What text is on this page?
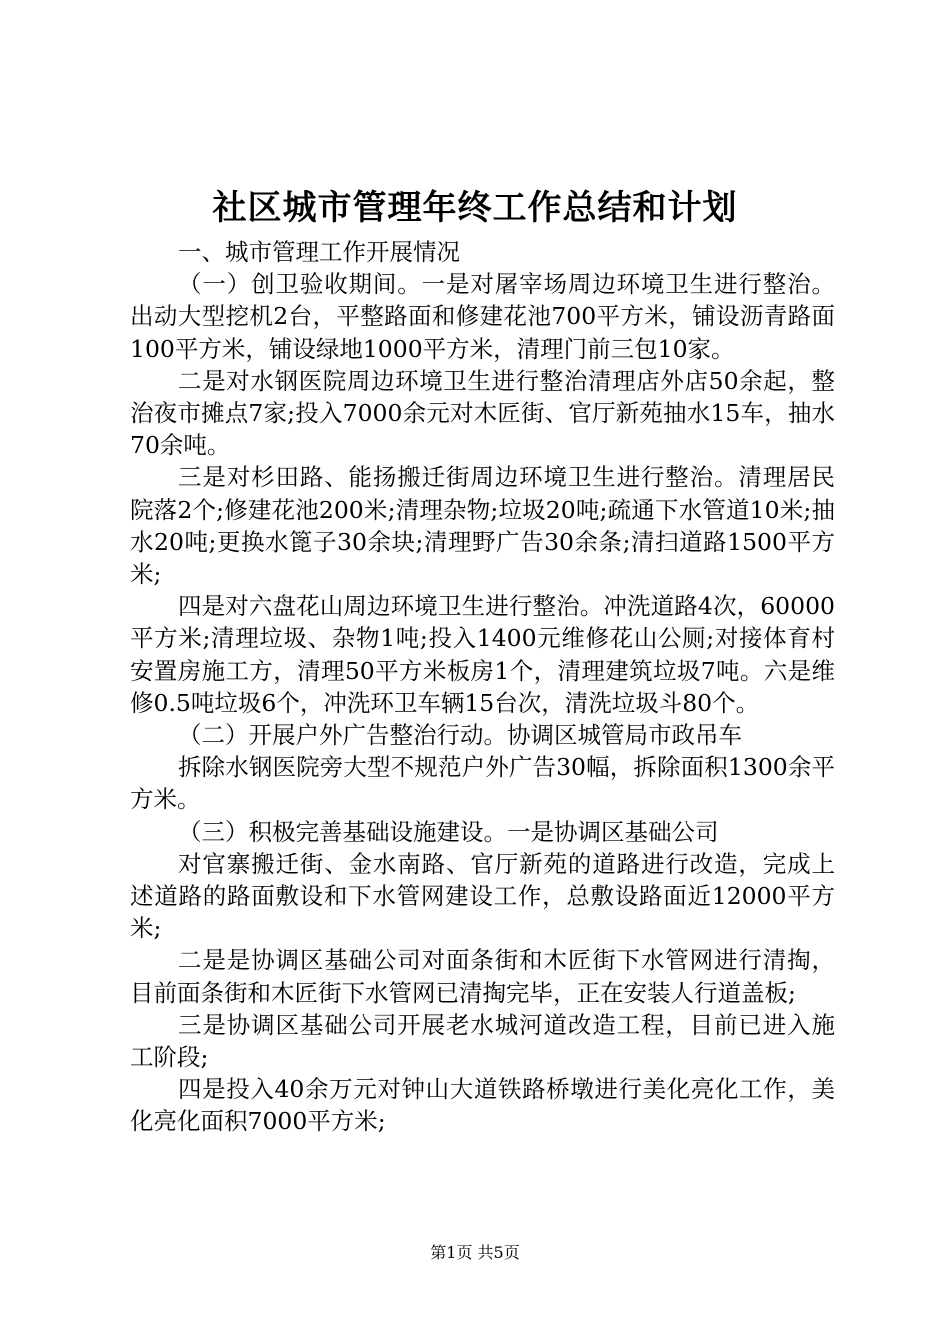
社区城市管理年终工作总结和计划

一、城市管理工作开展情况

（一）创卫验收期间。一是对屠宰场周边环境卫生进行整治。出动大型挖机2台，平整路面和修建花池700平方米，铺设沥青路面100平方米，铺设绿地1000平方米，清理门前三包10家。

二是对水钢医院周边环境卫生进行整治清理店外店50余起，整治夜市摊点7家;投入7000余元对木匠街、官厅新苑抽水15车，抽水70余吨。

三是对杉田路、能扬搬迁街周边环境卫生进行整治。清理居民院落2个;修建花池200米;清理杂物;垃圾20吨;疏通下水管道10米;抽水20吨;更换水篦子30余块;清理野广告30余条;清扫道路1500平方米;

四是对六盘花山周边环境卫生进行整治。冲洗道路4次，60000平方米;清理垃圾、杂物1吨;投入1400元维修花山公厕;对接体育村安置房施工方，清理50平方米板房1个，清理建筑垃圾7吨。六是维修0.5吨垃圾6个，冲洗环卫车辆15台次，清洗垃圾斗80个。

（二）开展户外广告整治行动。协调区城管局市政吊车

拆除水钢医院旁大型不规范户外广告30幅，拆除面积1300余平方米。

（三）积极完善基础设施建设。一是协调区基础公司

对官寨搬迁街、金水南路、官厅新苑的道路进行改造，完成上述道路的路面敷设和下水管网建设工作，总敷设路面近12000平方米;

二是是协调区基础公司对面条街和木匠街下水管网进行清掏，目前面条街和木匠街下水管网已清掏完毕，正在安装人行道盖板;

三是协调区基础公司开展老水城河道改造工程，目前已进入施工阶段;

四是投入40余万元对钟山大道铁路桥墩进行美化亮化工作，美化亮化面积7000平方米;

第1页 共5页
